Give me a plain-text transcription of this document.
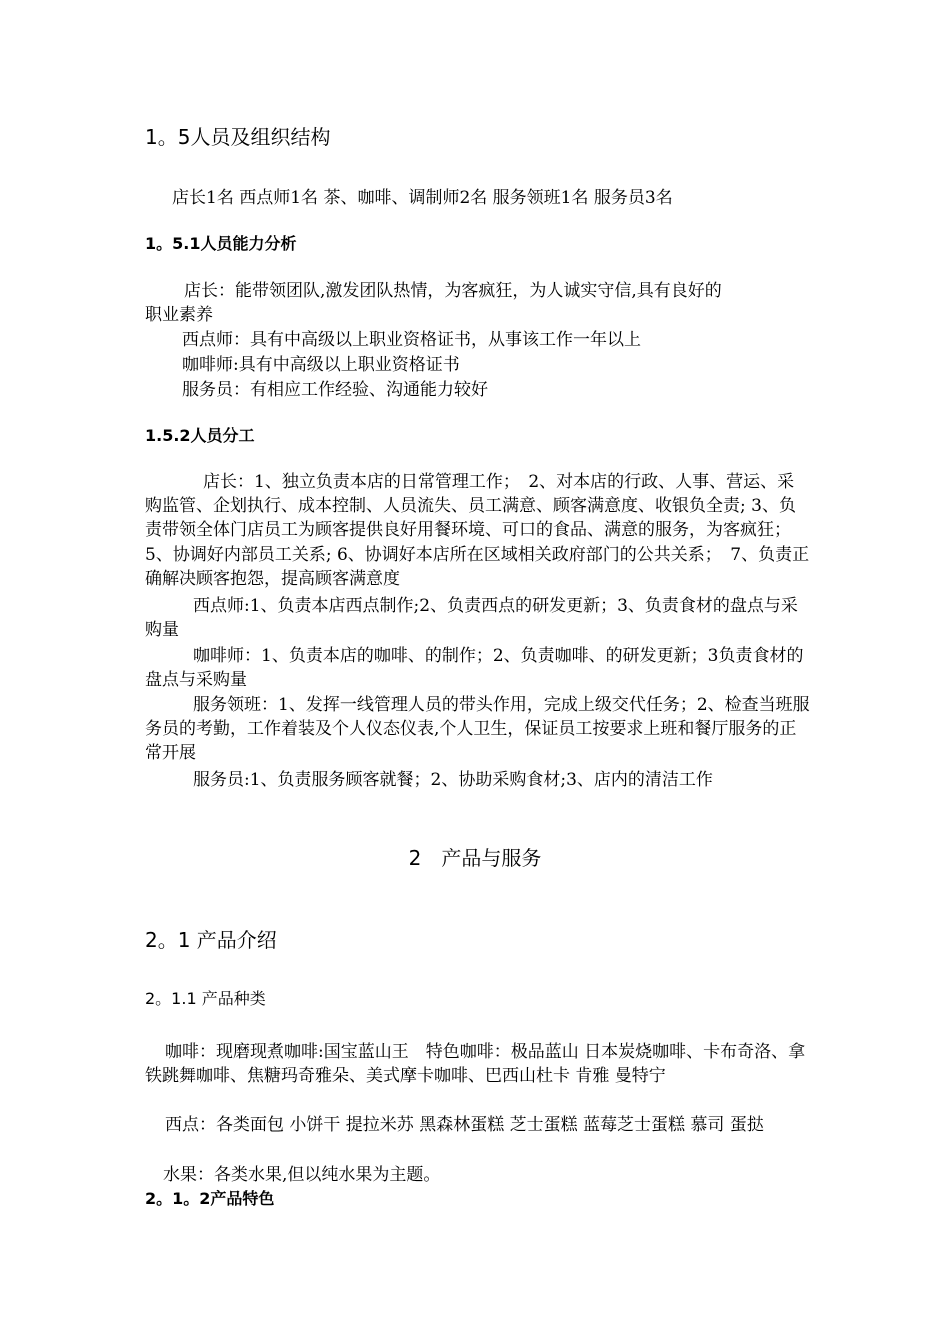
1。5人员及组织结构
店长1名 西点师1名 茶、咖啡、调制师2名 服务领班1名 服务员3名
1。5.1人员能力分析
店长：能带领团队,激发团队热情，为客疯狂，为人诚实守信,具有良好的
职业素养
西点师：具有中高级以上职业资格证书，从事该工作一年以上
咖啡师:具有中高级以上职业资格证书
服务员：有相应工作经验、沟通能力较好
1.5.2人员分工
店长：1、独立负责本店的日常管理工作；　2、对本店的行政、人事、营运、采购监管、企划执行、成本控制、人员流失、员工满意、顾客满意度、收银负全责; 3、负责带领全体门店员工为顾客提供良好用餐环境、可口的食品、满意的服务，为客疯狂；　5、协调好内部员工关系; 6、协调好本店所在区域相关政府部门的公共关系；　7、负责正确解决顾客抱怨，提高顾客满意度
西点师:1、负责本店西点制作;2、负责西点的研发更新；3、负责食材的盘点与采购量
咖啡师：1、负责本店的咖啡、的制作；2、负责咖啡、的研发更新；3负责食材的盘点与采购量
服务领班：1、发挥一线管理人员的带头作用，完成上级交代任务；2、检查当班服务员的考勤，工作着装及个人仪态仪表,个人卫生，保证员工按要求上班和餐厅服务的正常开展
服务员:1、负责服务顾客就餐；2、协助采购食材;3、店内的清洁工作
2　产品与服务
2。1 产品介绍
2。1.1 产品种类
咖啡：现磨现煮咖啡:国宝蓝山王　特色咖啡：极品蓝山 日本炭烧咖啡、卡布奇洛、拿铁跳舞咖啡、焦糖玛奇雅朵、美式摩卡咖啡、巴西山杜卡 肯雅 曼特宁
西点：各类面包 小饼干 提拉米苏 黑森林蛋糕 芝士蛋糕 蓝莓芝士蛋糕 慕司 蛋挞
水果：各类水果,但以纯水果为主题。
2。1。2产品特色
